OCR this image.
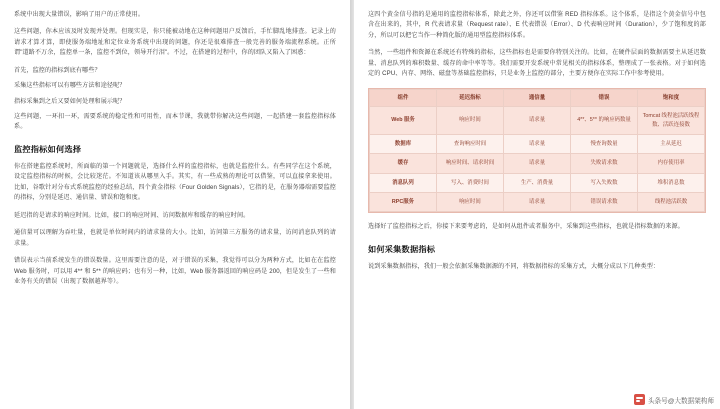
系统中出现大量错误，影响了用户的正常使用。

这些问题，你本应该及时发现并处理。但现实是，你只能被动地在这种问题用户反馈后，手忙脚乱地排查。记录上的请求才算才算，即使服务端地址和定位业务系统中出现的问题，你还是很难排查一般完善的服务端流程系统。正所谓"道路不万余，监控单一条，监控不到位，领导开行泪"。不过，在搭建的过程中，你的团队又陷入了困惑：

首先，监控的指标到底有哪些？

采集这些指标可以有哪些方法和途径呢？

指标采集到之后又要如何处理和展示呢？

这些问题，一环扣一环，需要系统的稳定性和可用性，而本节课，我就带你解决这些问题，一起搭建一套监控指标体系。

监控指标如何选择

你在搭建监控系统时，所面临的第一个问题就是，选择什么样的监控指标，也就是监控什么。有些同学在这个系统，设定监控指标的时候，会比较迷茫。不知道该从哪里入手。其实，有一些成熟的理论可以借鉴，可以直接拿来使用。比如，谷歌针对分布式系统监控的经验总结，四个黄金指标（Four Golden Signals），它指的是，在服务器端需要监控的指标，分别是延迟、通信量、错误和饱和度。

延迟指的是请求的响应时间。比如，接口的响应时间、访问数据库和缓存的响应时间。

通信量可以理解为吞吐量，也就是单位时间内的请求量的大小。比如，访问第三方服务的请求量，访问消息队列的请求量。

错误表示当前系统发生的错误数量。这里需要注意的是，对于错误的采集，我觉得可以分为两种方式，比如在在监控 Web 服务时，可以用 4** 和 5** 的响应码；也有另一种，比如，Web 服务器返回的响应码是 200，但是发生了一些和业务有关的错误（出现了数据越界等）。

这四个黄金信号指的是通用的监控指标体系，除此之外，你还可以借鉴 RED 指标体系。这个体系，是指这个黄金信号中包含在出来的，其中，R 代表请求量（Request rate）、E 代表错误（Error）、D 代表响应时间（Duration），少了饱和度的部分，所以可以把它当作一种简化版的通用型监控指标体系。

当然，一些组件和资源在系统还有特殊的指标，这些指标也是需要你特别关注的。比如，在硬件层面的数据需要主从延迟数量、消息队列的堆积数量、缓存的命中率等等。我们需要开发系统中常见相关的指标体系，整理成了一张表格。对于如何选定的 CPU、内存、网络、磁盘等基础监控指标，只是业务上监控的部分，主要方便你在实际工作中参考使用。

组件	延迟指标	通信量	错误	饱和度
Web 服务	响应时间	请求量	4**、5** 的响应码数量	Tomcat 线程池活跃线程数、活跃连接数
数据库	查询响应时间	请求量	慢查询数量	主从延迟
缓存	响应时间、请求时间	请求量	失败请求数	内存使用率
消息队列	写入、消费时间	生产、消费量	写入失败数	堆积消息数
RPC服务	响应时间	请求量	错误请求数	线程池活跃数

选择好了监控指标之后，你接下来要考虑的，是如何从组件或者服务中，采集到这些指标，也就是指标数据的来源。

如何采集数据指标

说到采集数据指标，我们一般会依据采集数据源的不同，将数据指标的采集方式，大概分成以下几种类型：

头条号@大数据架构师
